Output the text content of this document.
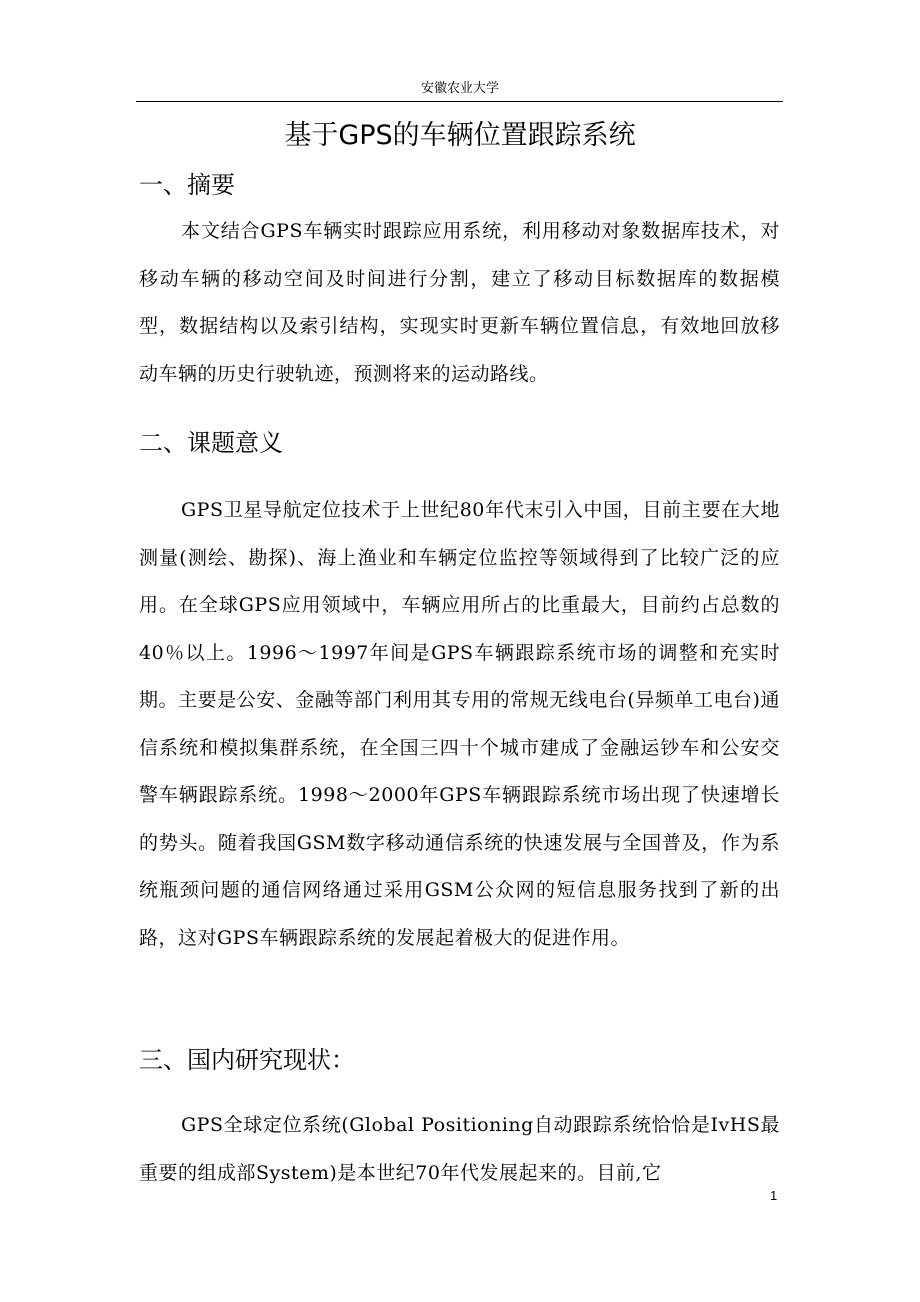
安徽农业大学
基于GPS的车辆位置跟踪系统
一、摘要

本文结合GPS车辆实时跟踪应用系统，利用移动对象数据库技术，对移动车辆的移动空间及时间进行分割，建立了移动目标数据库的数据模型，数据结构以及索引结构，实现实时更新车辆位置信息，有效地回放移动车辆的历史行驶轨迹，预测将来的运动路线。

二、课题意义

GPS卫星导航定位技术于上世纪80年代末引入中国，目前主要在大地测量(测绘、勘探)、海上渔业和车辆定位监控等领域得到了比较广泛的应用。在全球GPS应用领域中，车辆应用所占的比重最大，目前约占总数的40％以上。1996～1997年间是GPS车辆跟踪系统市场的调整和充实时期。主要是公安、金融等部门利用其专用的常规无线电台(异频单工电台)通信系统和模拟集群系统，在全国三四十个城市建成了金融运钞车和公安交警车辆跟踪系统。1998～2000年GPS车辆跟踪系统市场出现了快速增长的势头。随着我国GSM数字移动通信系统的快速发展与全国普及，作为系统瓶颈问题的通信网络通过采用GSM公众网的短信息服务找到了新的出路，这对GPS车辆跟踪系统的发展起着极大的促进作用。

三、国内研究现状：

GPS全球定位系统(Global Positioning自动跟踪系统恰恰是IvHS最重要的组成部System)是本世纪70年代发展起来的。目前,它

1
